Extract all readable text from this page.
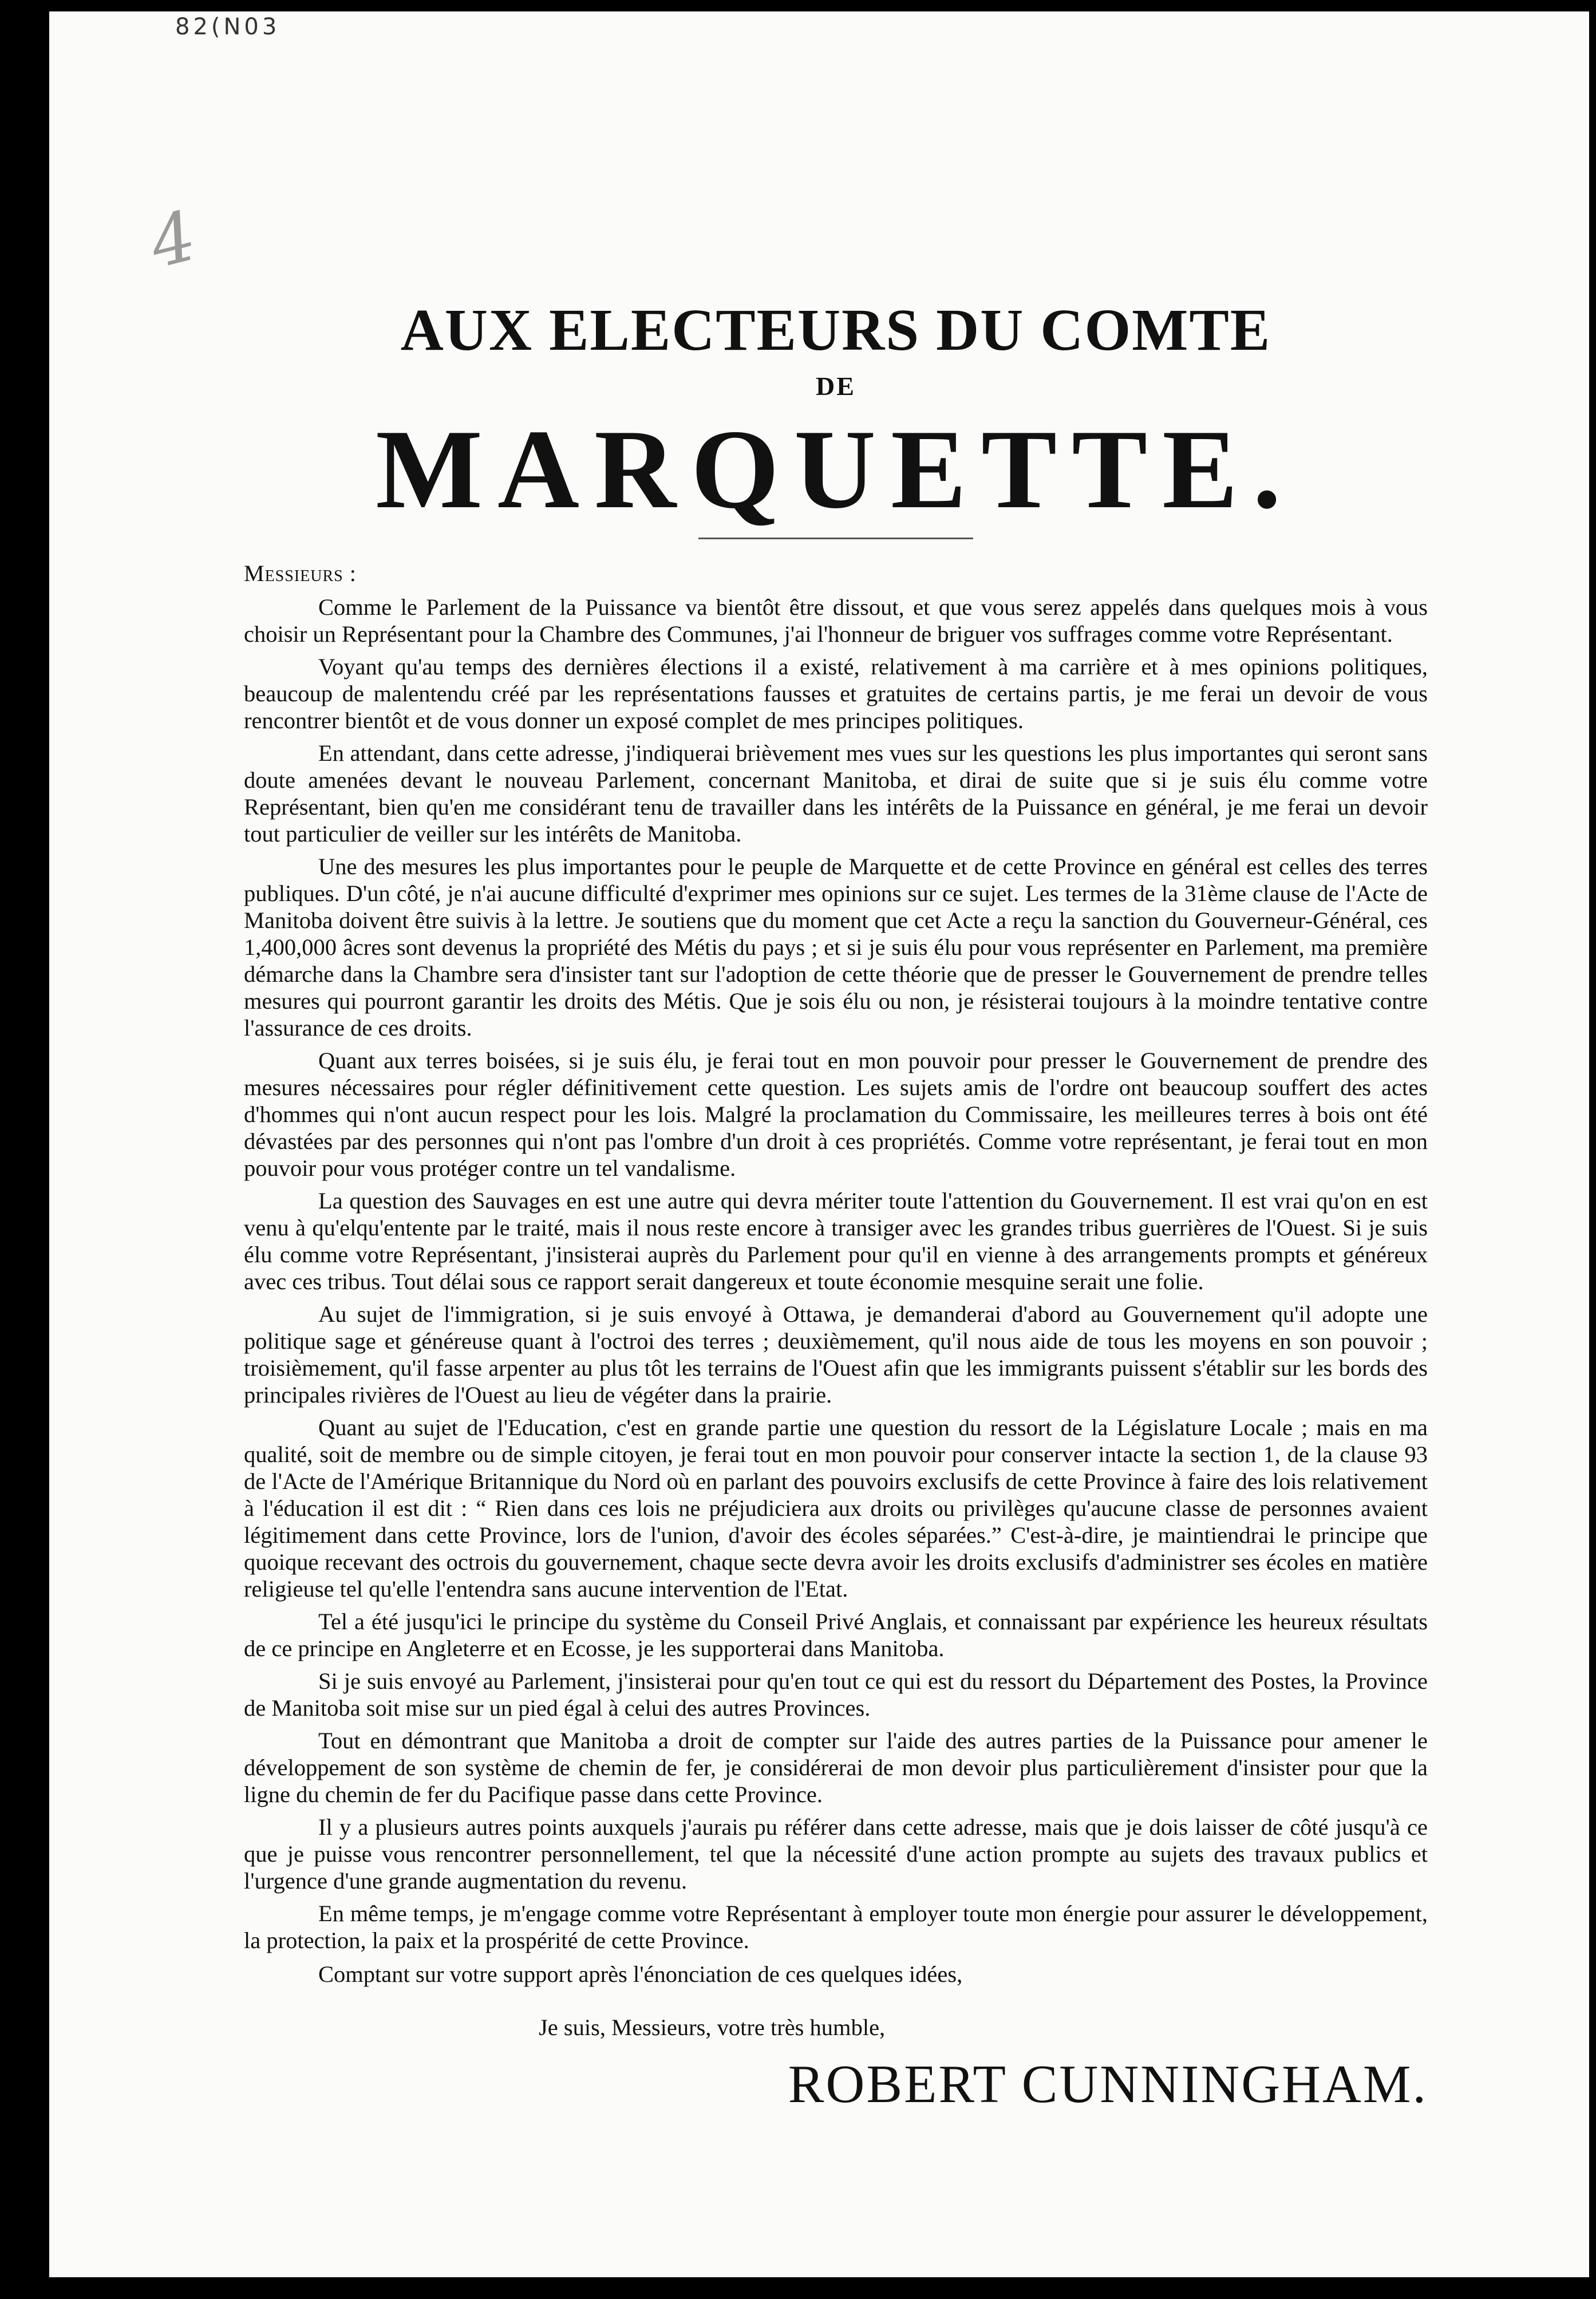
82(N03
4
AUX ELECTEURS DU COMTE
DE
MARQUETTE.
Messieurs :

Comme le Parlement de la Puissance va bientôt être dissout, et que vous serez appelés dans quelques mois à vous choisir un Représentant pour la Chambre des Communes, j'ai l'honneur de briguer vos suffrages comme votre Représentant.

Voyant qu'au temps des dernières élections il a existé, relativement à ma carrière et à mes opinions politiques, beaucoup de malentendu créé par les représentations fausses et gratuites de certains partis, je me ferai un devoir de vous rencontrer bientôt et de vous donner un exposé complet de mes principes politiques.

En attendant, dans cette adresse, j'indiquerai brièvement mes vues sur les questions les plus importantes qui seront sans doute amenées devant le nouveau Parlement, concernant Manitoba, et dirai de suite que si je suis élu comme votre Représentant, bien qu'en me considérant tenu de travailler dans les intérêts de la Puissance en général, je me ferai un devoir tout particulier de veiller sur les intérêts de Manitoba.

Une des mesures les plus importantes pour le peuple de Marquette et de cette Province en général est celles des terres publiques. D'un côté, je n'ai aucune difficulté d'exprimer mes opinions sur ce sujet. Les termes de la 31ème clause de l'Acte de Manitoba doivent être suivis à la lettre. Je soutiens que du moment que cet Acte a reçu la sanction du Gouverneur-Général, ces 1,400,000 âcres sont devenus la propriété des Métis du pays ; et si je suis élu pour vous représenter en Parlement, ma première démarche dans la Chambre sera d'insister tant sur l'adoption de cette théorie que de presser le Gouvernement de prendre telles mesures qui pourront garantir les droits des Métis. Que je sois élu ou non, je résisterai toujours à la moindre tentative contre l'assurance de ces droits.

Quant aux terres boisées, si je suis élu, je ferai tout en mon pouvoir pour presser le Gouvernement de prendre des mesures nécessaires pour régler définitivement cette question. Les sujets amis de l'ordre ont beaucoup souffert des actes d'hommes qui n'ont aucun respect pour les lois. Malgré la proclamation du Commissaire, les meilleures terres à bois ont été dévastées par des personnes qui n'ont pas l'ombre d'un droit à ces propriétés. Comme votre représentant, je ferai tout en mon pouvoir pour vous protéger contre un tel vandalisme.

La question des Sauvages en est une autre qui devra mériter toute l'attention du Gouvernement. Il est vrai qu'on en est venu à qu'elqu'entente par le traité, mais il nous reste encore à transiger avec les grandes tribus guerrières de l'Ouest. Si je suis élu comme votre Représentant, j'insisterai auprès du Parlement pour qu'il en vienne à des arrangements prompts et généreux avec ces tribus. Tout délai sous ce rapport serait dangereux et toute économie mesquine serait une folie.

Au sujet de l'immigration, si je suis envoyé à Ottawa, je demanderai d'abord au Gouvernement qu'il adopte une politique sage et généreuse quant à l'octroi des terres ; deuxièmement, qu'il nous aide de tous les moyens en son pouvoir ; troisièmement, qu'il fasse arpenter au plus tôt les terrains de l'Ouest afin que les immigrants puissent s'établir sur les bords des principales rivières de l'Ouest au lieu de végéter dans la prairie.

Quant au sujet de l'Education, c'est en grande partie une question du ressort de la Législature Locale ; mais en ma qualité, soit de membre ou de simple citoyen, je ferai tout en mon pouvoir pour conserver intacte la section 1, de la clause 93 de l'Acte de l'Amérique Britannique du Nord où en parlant des pouvoirs exclusifs de cette Province à faire des lois relativement à l'éducation il est dit : “ Rien dans ces lois ne préjudiciera aux droits ou privilèges qu'aucune classe de personnes avaient légitimement dans cette Province, lors de l'union, d'avoir des écoles séparées.” C'est-à-dire, je maintiendrai le principe que quoique recevant des octrois du gouvernement, chaque secte devra avoir les droits exclusifs d'administrer ses écoles en matière religieuse tel qu'elle l'entendra sans aucune intervention de l'Etat.

Tel a été jusqu'ici le principe du système du Conseil Privé Anglais, et connaissant par expérience les heureux résultats de ce principe en Angleterre et en Ecosse, je les supporterai dans Manitoba.

Si je suis envoyé au Parlement, j'insisterai pour qu'en tout ce qui est du ressort du Département des Postes, la Province de Manitoba soit mise sur un pied égal à celui des autres Provinces.

Tout en démontrant que Manitoba a droit de compter sur l'aide des autres parties de la Puissance pour amener le développement de son système de chemin de fer, je considérerai de mon devoir plus particulièrement d'insister pour que la ligne du chemin de fer du Pacifique passe dans cette Province.

Il y a plusieurs autres points auxquels j'aurais pu référer dans cette adresse, mais que je dois laisser de côté jusqu'à ce que je puisse vous rencontrer personnellement, tel que la nécessité d'une action prompte au sujets des travaux publics et l'urgence d'une grande augmentation du revenu.

En même temps, je m'engage comme votre Représentant à employer toute mon énergie pour assurer le développement, la protection, la paix et la prospérité de cette Province.

Comptant sur votre support après l'énonciation de ces quelques idées,
Je suis, Messieurs, votre très humble,
ROBERT CUNNINGHAM.
